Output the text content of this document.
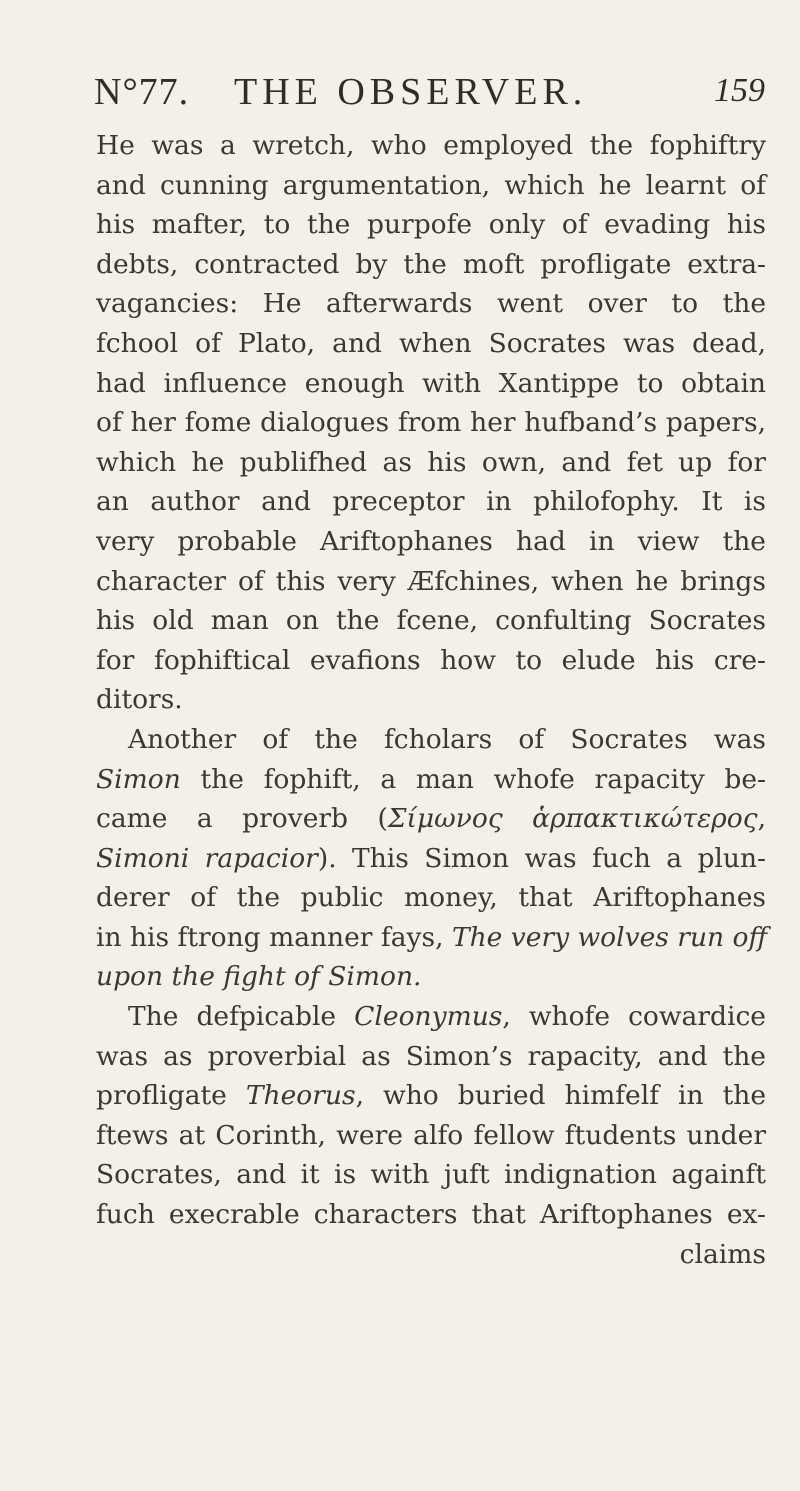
N°77. THE OBSERVER.	159
He was a wretch, who employed the fophiftry
and cunning argumentation, which he learnt of
his mafter, to the purpofe only of evading his
debts, contracted by the moft profligate extra-
vagancies: He afterwards went over to the
fchool of Plato, and when Socrates was dead,
had influence enough with Xantippe to obtain
of her fome dialogues from her hufband’s papers,
which he publifhed as his own, and fet up for
an author and preceptor in philofophy. It is
very probable Ariftophanes had in view the
character of this very Æfchines, when he brings
his old man on the fcene, confulting Socrates
for fophiftical evafions how to elude his cre-
ditors.
Another of the fcholars of Socrates was
Simon the fophift, a man whofe rapacity be-
came a proverb (Σίμωνος ἁρπακτικώτερος,
Simoni rapacior). This Simon was fuch a plun-
derer of the public money, that Ariftophanes
in his ftrong manner fays, The very wolves run off
upon the fight of Simon.
The defpicable Cleonymus, whofe cowardice
was as proverbial as Simon’s rapacity, and the
profligate Theorus, who buried himfelf in the
ftews at Corinth, were alfo fellow ftudents under
Socrates, and it is with juft indignation againft
fuch execrable characters that Ariftophanes ex-
claims
